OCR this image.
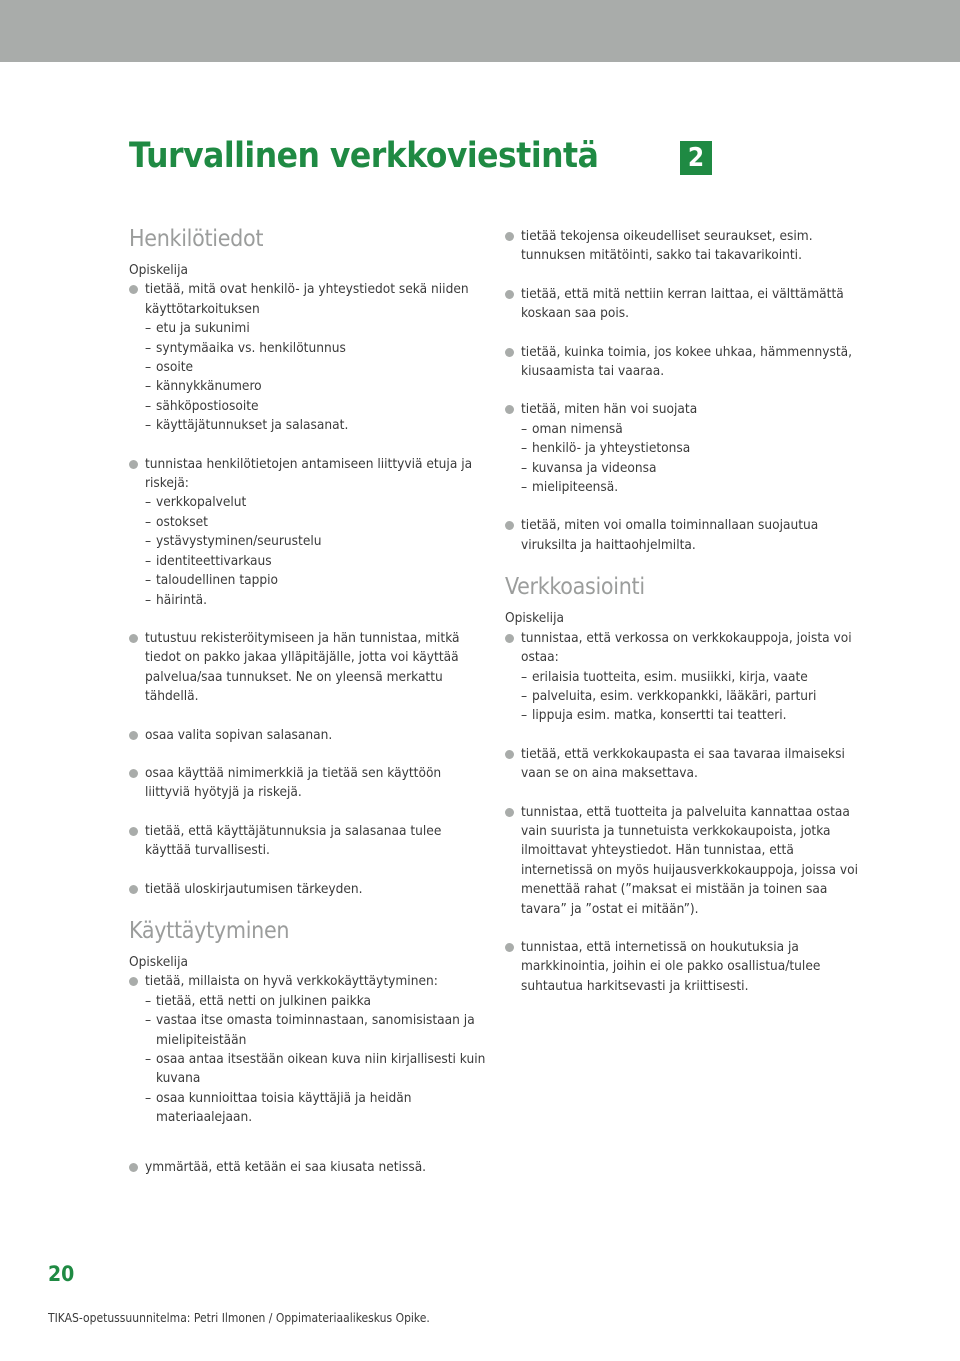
Turvallinen verkkoviestintä	2
Henkilötiedot
Opiskelija
tietää, mitä ovat henkilö- ja yhteystiedot sekä niiden käyttötarkoituksen
– etu ja sukunimi
– syntymäaika vs. henkilötunnus
– osoite
– kännykkänumero
– sähköpostiosoite
– käyttäjätunnukset ja salasanat.
tunnistaa henkilötietojen antamiseen liittyviä etuja ja riskejä:
– verkkopalvelut
– ostokset
– ystävystyminen/seurustelu
– identiteettivarkaus
– taloudellinen tappio
– häirintä.
tutustuu rekisteröitymiseen ja hän tunnistaa, mitkä tiedot on pakko jakaa ylläpitäjälle, jotta voi käyttää palvelua/saa tunnukset. Ne on yleensä merkattu tähdellä.
osaa valita sopivan salasanan.
osaa käyttää nimimerkkiä ja tietää sen käyttöön liittyviä hyötyjä ja riskejä.
tietää, että käyttäjätunnuksia ja salasanaa tulee käyttää turvallisesti.
tietää uloskirjautumisen tärkeyden.
Käyttäytyminen
Opiskelija
tietää, millaista on hyvä verkkokäyttäytyminen:
– tietää, että netti on julkinen paikka
– vastaa itse omasta toiminnastaan, sanomisistaan ja mielipiteistään
– osaa antaa itsestään oikean kuva niin kirjallisesti kuin kuvana
– osaa kunnioittaa toisia käyttäjiä ja heidän materiaalejaan.
ymmärtää, että ketään ei saa kiusata netissä.
tietää tekojensa oikeudelliset seuraukset, esim. tunnuksen mitätöinti, sakko tai takavarikointi.
tietää, että mitä nettiin kerran laittaa, ei välttämättä koskaan saa pois.
tietää, kuinka toimia, jos kokee uhkaa, hämmennystä, kiusaamista tai vaaraa.
tietää, miten hän voi suojata
– oman nimensä
– henkilö- ja yhteystietonsa
– kuvansa ja videonsa
– mielipiteensä.
tietää, miten voi omalla toiminnallaan suojautua viruksilta ja haittaohjelmilta.
Verkkoasiointi
Opiskelija
tunnistaa, että verkossa on verkkokauppoja, joista voi ostaa:
– erilaisia tuotteita, esim. musiikki, kirja, vaate
– palveluita, esim. verkkopankki, lääkäri, parturi
– lippuja esim. matka, konsertti tai teatteri.
tietää, että verkkokaupasta ei saa tavaraa ilmaiseksi vaan se on aina maksettava.
tunnistaa, että tuotteita ja palveluita kannattaa ostaa vain suurista ja tunnetuista verkkokaupoista, jotka ilmoittavat yhteystiedot. Hän tunnistaa, että internetissä on myös huijausverkkokauppoja, joissa voi menettää rahat (”maksat ei mistään ja toinen saa tavara” ja ”ostat ei mitään”).
tunnistaa, että internetissä on houkutuksia ja markkinointia, joihin ei ole pakko osallistua/tulee suhtautua harkitsevasti ja kriittisesti.
20
TIKAS-opetussuunnitelma: Petri Ilmonen / Oppimateriaalikeskus Opike.
